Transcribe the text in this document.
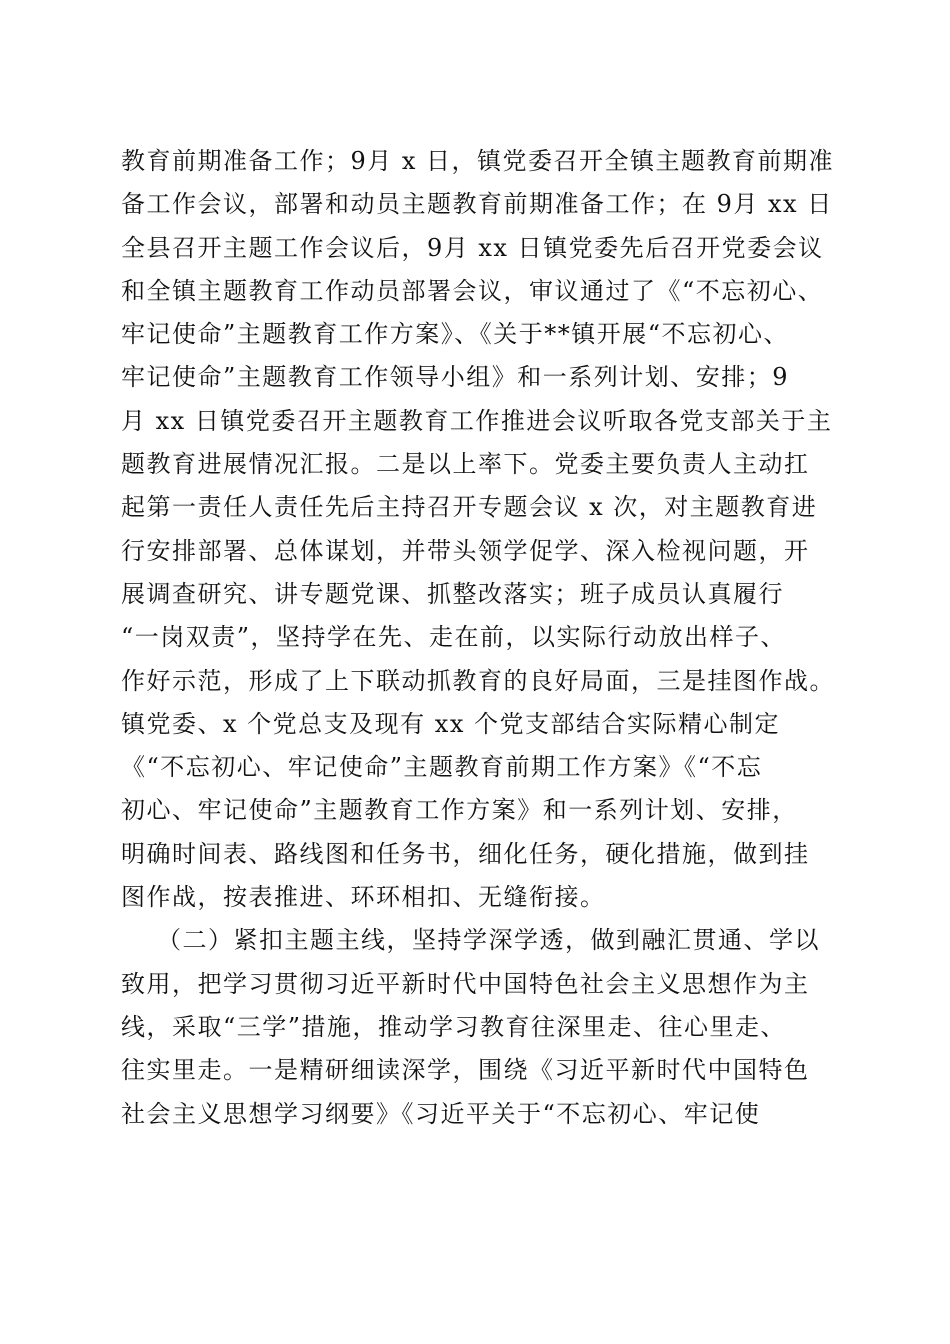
教育前期准备工作；9月 x 日，镇党委召开全镇主题教育前期准
备工作会议，部署和动员主题教育前期准备工作；在 9月 xx 日
全县召开主题工作会议后，9月 xx 日镇党委先后召开党委会议
和全镇主题教育工作动员部署会议，审议通过了《“不忘初心、
牢记使命”主题教育工作方案》、《关于**镇开展“不忘初心、
牢记使命”主题教育工作领导小组》和一系列计划、安排；9
月 xx 日镇党委召开主题教育工作推进会议听取各党支部关于主
题教育进展情况汇报。二是以上率下。党委主要负责人主动扛
起第一责任人责任先后主持召开专题会议 x 次，对主题教育进
行安排部署、总体谋划，并带头领学促学、深入检视问题，开
展调查研究、讲专题党课、抓整改落实；班子成员认真履行
“一岗双责”，坚持学在先、走在前，以实际行动放出样子、
作好示范，形成了上下联动抓教育的良好局面，三是挂图作战。
镇党委、x 个党总支及现有 xx 个党支部结合实际精心制定
《“不忘初心、牢记使命”主题教育前期工作方案》《“不忘
初心、牢记使命”主题教育工作方案》和一系列计划、安排，
明确时间表、路线图和任务书，细化任务，硬化措施，做到挂
图作战，按表推进、环环相扣、无缝衔接。
（二）紧扣主题主线，坚持学深学透，做到融汇贯通、学以
致用，把学习贯彻习近平新时代中国特色社会主义思想作为主
线，采取“三学”措施，推动学习教育往深里走、往心里走、
往实里走。一是精研细读深学，围绕《习近平新时代中国特色
社会主义思想学习纲要》《习近平关于“不忘初心、牢记使
